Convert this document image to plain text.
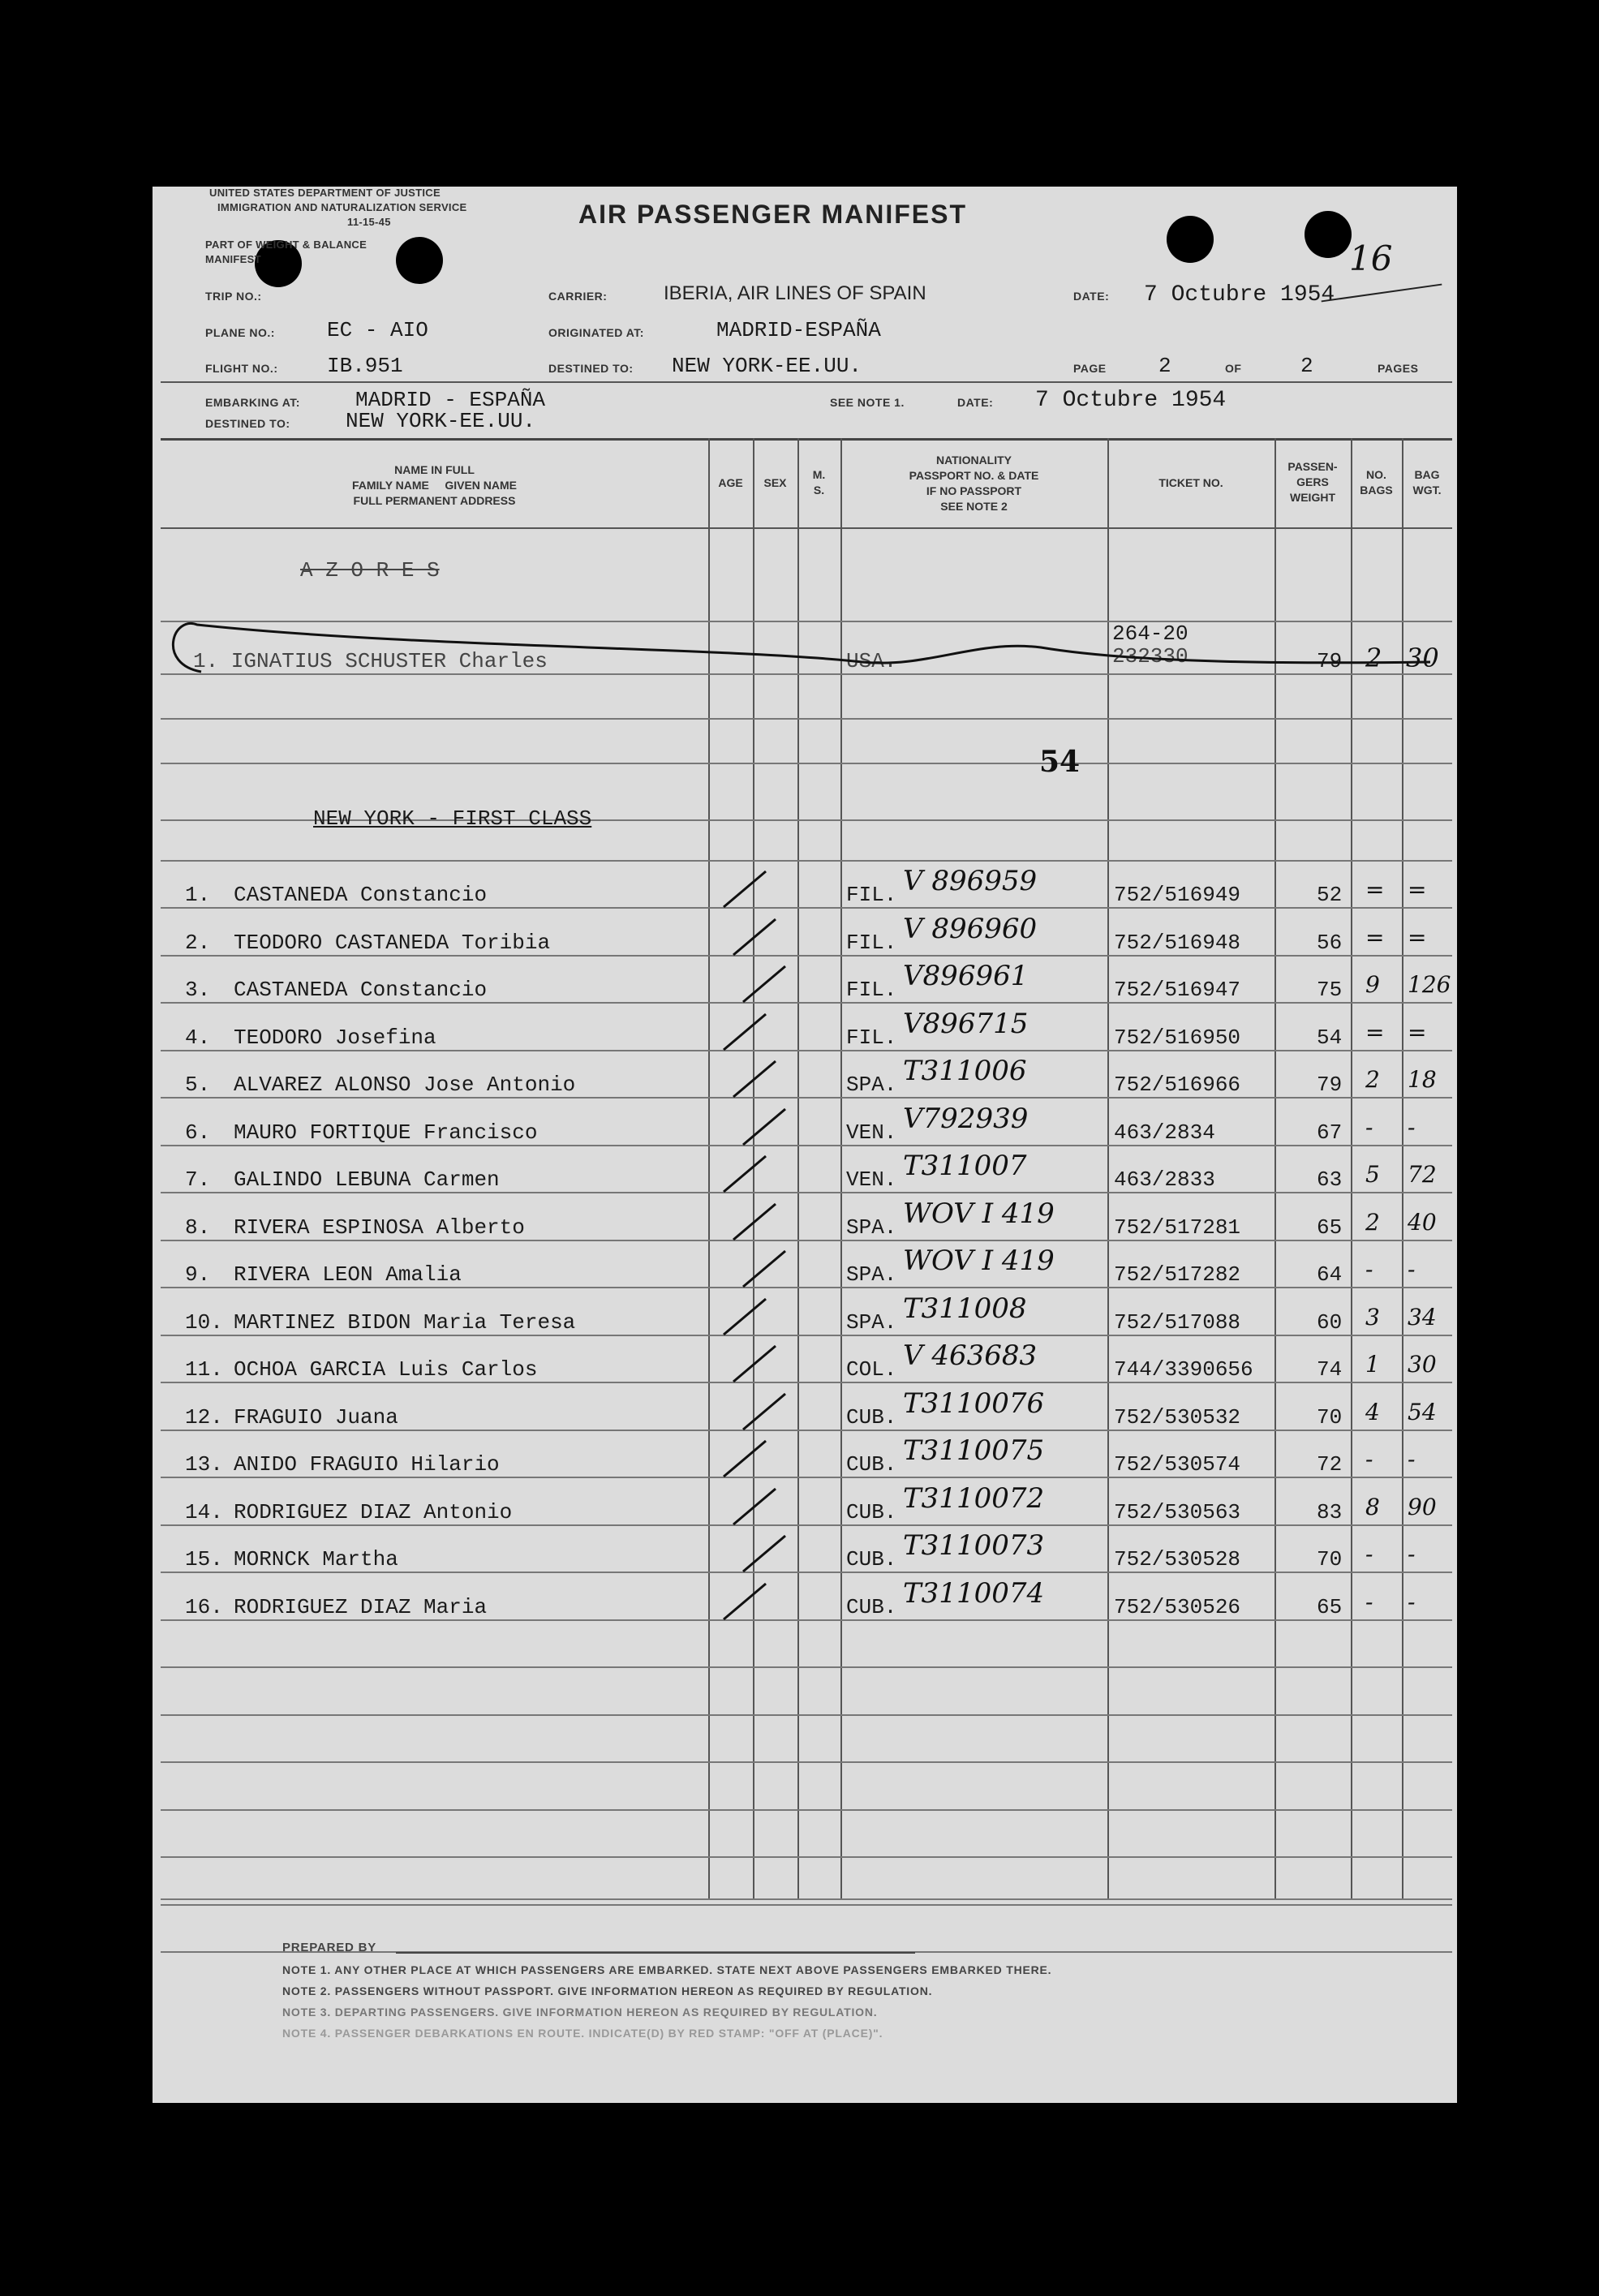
UNITED STATES DEPARTMENT OF JUSTICE
IMMIGRATION AND NATURALIZATION SERVICE
11-15-45
PART OF WEIGHT & BALANCE
MANIFEST
AIR PASSENGER MANIFEST
16
TRIP NO.:
PLANE NO.: EC - AIO
FLIGHT NO.: IB.951
CARRIER:	IBERIA, AIR LINES OF SPAIN
ORIGINATED AT:	MADRID-ESPAÑA
DESTINED TO: NEW YORK-EE.UU.
DATE: 7 Octubre 1954
PAGE 2	OF	2	PAGES
EMBARKING AT:	MADRID - ESPAÑA
DESTINED TO:	NEW YORK-EE.UU.
SEE NOTE 1.	DATE: 7 Octubre 1954
NAME IN FULL
FAMILY NAME     GIVEN NAME
FULL PERMANENT ADDRESS
AGE	SEX
M.
S.
NATIONALITY
PASSPORT NO. & DATE
IF NO PASSPORT
SEE NOTE 2
TICKET NO.
PASSEN-
GERS
WEIGHT
NO.
BAGS
BAG
WGT.
A Z O R E S
1. IGNATIUS SCHUSTER Charles	USA.
264-20
232330	79 2 30
54
NEW YORK - FIRST CLASS
1. CASTANEDA Constancio	FIL. V 896959	752/516949	52 = =
2. TEODORO CASTANEDA Toribia	FIL. V 896960	752/516948	56 = =
3. CASTANEDA Constancio	FIL. V896961	752/516947	75 9 126
4. TEODORO Josefina	FIL. V896715	752/516950	54 = =
5. ALVAREZ ALONSO Jose Antonio	SPA. T311006	752/516966	79 2 18
6. MAURO FORTIQUE Francisco	VEN. V792939	463/2834	67 - -
7. GALINDO LEBUNA Carmen	VEN. T311007	463/2833	63 5 72
8. RIVERA ESPINOSA Alberto	SPA. WOV I 419	752/517281	65 2 40
9. RIVERA LEON Amalia	SPA. WOV I 419	752/517282	64 - -
10. MARTINEZ BIDON Maria Teresa	SPA. T311008	752/517088	60 3 34
11. OCHOA GARCIA Luis Carlos	COL. V 463683	744/3390656	74 1 30
12. FRAGUIO Juana	CUB. T3110076	752/530532	70 4 54
13. ANIDO FRAGUIO Hilario	CUB. T3110075	752/530574	72 - -
14. RODRIGUEZ DIAZ Antonio	CUB. T3110072	752/530563	83 8 90
15. MORNCK Martha	CUB. T3110073	752/530528	70 - -
16. RODRIGUEZ DIAZ Maria	CUB. T3110074	752/530526	65 - -
PREPARED BY
NOTE 1. ANY OTHER PLACE AT WHICH PASSENGERS ARE EMBARKED. STATE NEXT ABOVE PASSENGERS EMBARKED THERE.
NOTE 2. PASSENGERS WITHOUT PASSPORT. GIVE INFORMATION HEREON AS REQUIRED BY REGULATION.
NOTE 3. DEPARTING PASSENGERS. GIVE INFORMATION HEREON AS REQUIRED BY REGULATION.
NOTE 4. PASSENGER DEBARKATIONS EN ROUTE. INDICATE(D) BY RED STAMP: "OFF AT (PLACE)".
